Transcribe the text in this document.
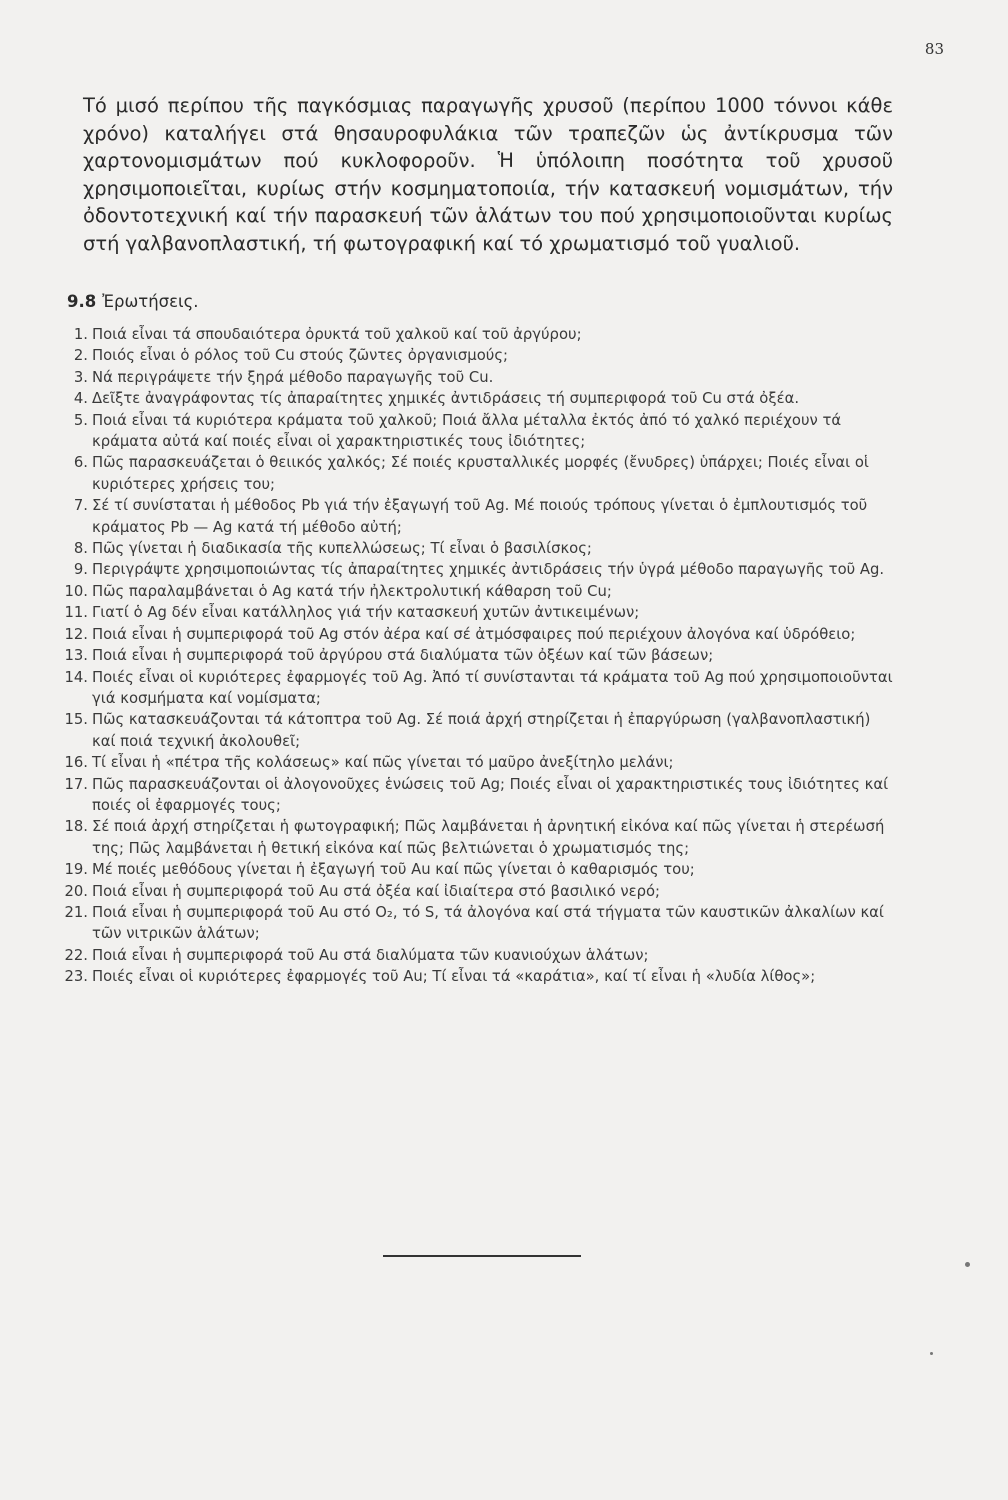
83

Τό μισό περίπου τῆς παγκόσμιας παραγωγῆς χρυσοῦ (περίπου 1000 τόννοι κάθε χρόνο) καταλήγει στά θησαυροφυλάκια τῶν τραπεζῶν ὡς ἀντίκρυσμα τῶν χαρτονομισμάτων πού κυκλοφοροῦν. Ἡ ὑπόλοιπη ποσότητα τοῦ χρυσοῦ χρησιμοποιεῖται, κυρίως στήν κοσμηματοποιία, τήν κατασκευή νομισμάτων, τήν ὀδοντοτεχνική καί τήν παρασκευή τῶν ἁλάτων του πού χρησιμοποιοῦνται κυρίως στή γαλβανοπλαστική, τή φωτογραφική καί τό χρωματισμό τοῦ γυαλιοῦ.

9.8 Ἐρωτήσεις.
1. Ποιά εἶναι τά σπουδαιότερα ὀρυκτά τοῦ χαλκοῦ καί τοῦ ἀργύρου;
2. Ποιός εἶναι ὁ ρόλος τοῦ Cu στούς ζῶντες ὀργανισμούς;
3. Νά περιγράψετε τήν ξηρά μέθοδο παραγωγῆς τοῦ Cu.
4. Δεῖξτε ἀναγράφοντας τίς ἀπαραίτητες χημικές ἀντιδράσεις τή συμπεριφορά τοῦ Cu στά ὀξέα.
5. Ποιά εἶναι τά κυριότερα κράματα τοῦ χαλκοῦ; Ποιά ἄλλα μέταλλα ἐκτός ἀπό τό χαλκό περιέχουν τά κράματα αὐτά καί ποιές εἶναι οἱ χαρακτηριστικές τους ἰδιότητες;
6. Πῶς παρασκευάζεται ὁ θειικός χαλκός; Σέ ποιές κρυσταλλικές μορφές (ἔνυδρες) ὑπάρχει; Ποιές εἶναι οἱ κυριότερες χρήσεις του;
7. Σέ τί συνίσταται ἡ μέθοδος Pb γιά τήν ἐξαγωγή τοῦ Ag. Μέ ποιούς τρόπους γίνεται ὁ ἐμπλουτισμός τοῦ κράματος Pb — Ag κατά τή μέθοδο αὐτή;
8. Πῶς γίνεται ἡ διαδικασία τῆς κυπελλώσεως; Τί εἶναι ὁ βασιλίσκος;
9. Περιγράψτε χρησιμοποιώντας τίς ἀπαραίτητες χημικές ἀντιδράσεις τήν ὑγρά μέθοδο παραγωγῆς τοῦ Ag.
10. Πῶς παραλαμβάνεται ὁ Ag κατά τήν ἠλεκτρολυτική κάθαρση τοῦ Cu;
11. Γιατί ὁ Ag δέν εἶναι κατάλληλος γιά τήν κατασκευή χυτῶν ἀντικειμένων;
12. Ποιά εἶναι ἡ συμπεριφορά τοῦ Ag στόν ἀέρα καί σέ ἀτμόσφαιρες πού περιέχουν ἀλογόνα καί ὑδρόθειο;
13. Ποιά εἶναι ἡ συμπεριφορά τοῦ ἀργύρου στά διαλύματα τῶν ὀξέων καί τῶν βάσεων;
14. Ποιές εἶναι οἱ κυριότερες ἐφαρμογές τοῦ Ag. Ἀπό τί συνίστανται τά κράματα τοῦ Ag πού χρησιμοποιοῦνται γιά κοσμήματα καί νομίσματα;
15. Πῶς κατασκευάζονται τά κάτοπτρα τοῦ Ag. Σέ ποιά ἀρχή στηρίζεται ἡ ἐπαργύρωση (γαλβανοπλαστική) καί ποιά τεχνική ἀκολουθεῖ;
16. Τί εἶναι ἡ «πέτρα τῆς κολάσεως» καί πῶς γίνεται τό μαῦρο ἀνεξίτηλο μελάνι;
17. Πῶς παρασκευάζονται οἱ ἀλογονοῦχες ἑνώσεις τοῦ Ag; Ποιές εἶναι οἱ χαρακτηριστικές τους ἰδιότητες καί ποιές οἱ ἐφαρμογές τους;
18. Σέ ποιά ἀρχή στηρίζεται ἡ φωτογραφική; Πῶς λαμβάνεται ἡ ἀρνητική εἰκόνα καί πῶς γίνεται ἡ στερέωσή της; Πῶς λαμβάνεται ἡ θετική εἰκόνα καί πῶς βελτιώνεται ὁ χρωματισμός της;
19. Μέ ποιές μεθόδους γίνεται ἡ ἐξαγωγή τοῦ Au καί πῶς γίνεται ὁ καθαρισμός του;
20. Ποιά εἶναι ἡ συμπεριφορά τοῦ Au στά ὀξέα καί ἰδιαίτερα στό βασιλικό νερό;
21. Ποιά εἶναι ἡ συμπεριφορά τοῦ Au στό O₂, τό S, τά ἀλογόνα καί στά τήγματα τῶν καυστικῶν ἀλκαλίων καί τῶν νιτρικῶν ἁλάτων;
22. Ποιά εἶναι ἡ συμπεριφορά τοῦ Au στά διαλύματα τῶν κυανιούχων ἁλάτων;
23. Ποιές εἶναι οἱ κυριότερες ἐφαρμογές τοῦ Au; Τί εἶναι τά «καράτια», καί τί εἶναι ἡ «λυδία λίθος»;
